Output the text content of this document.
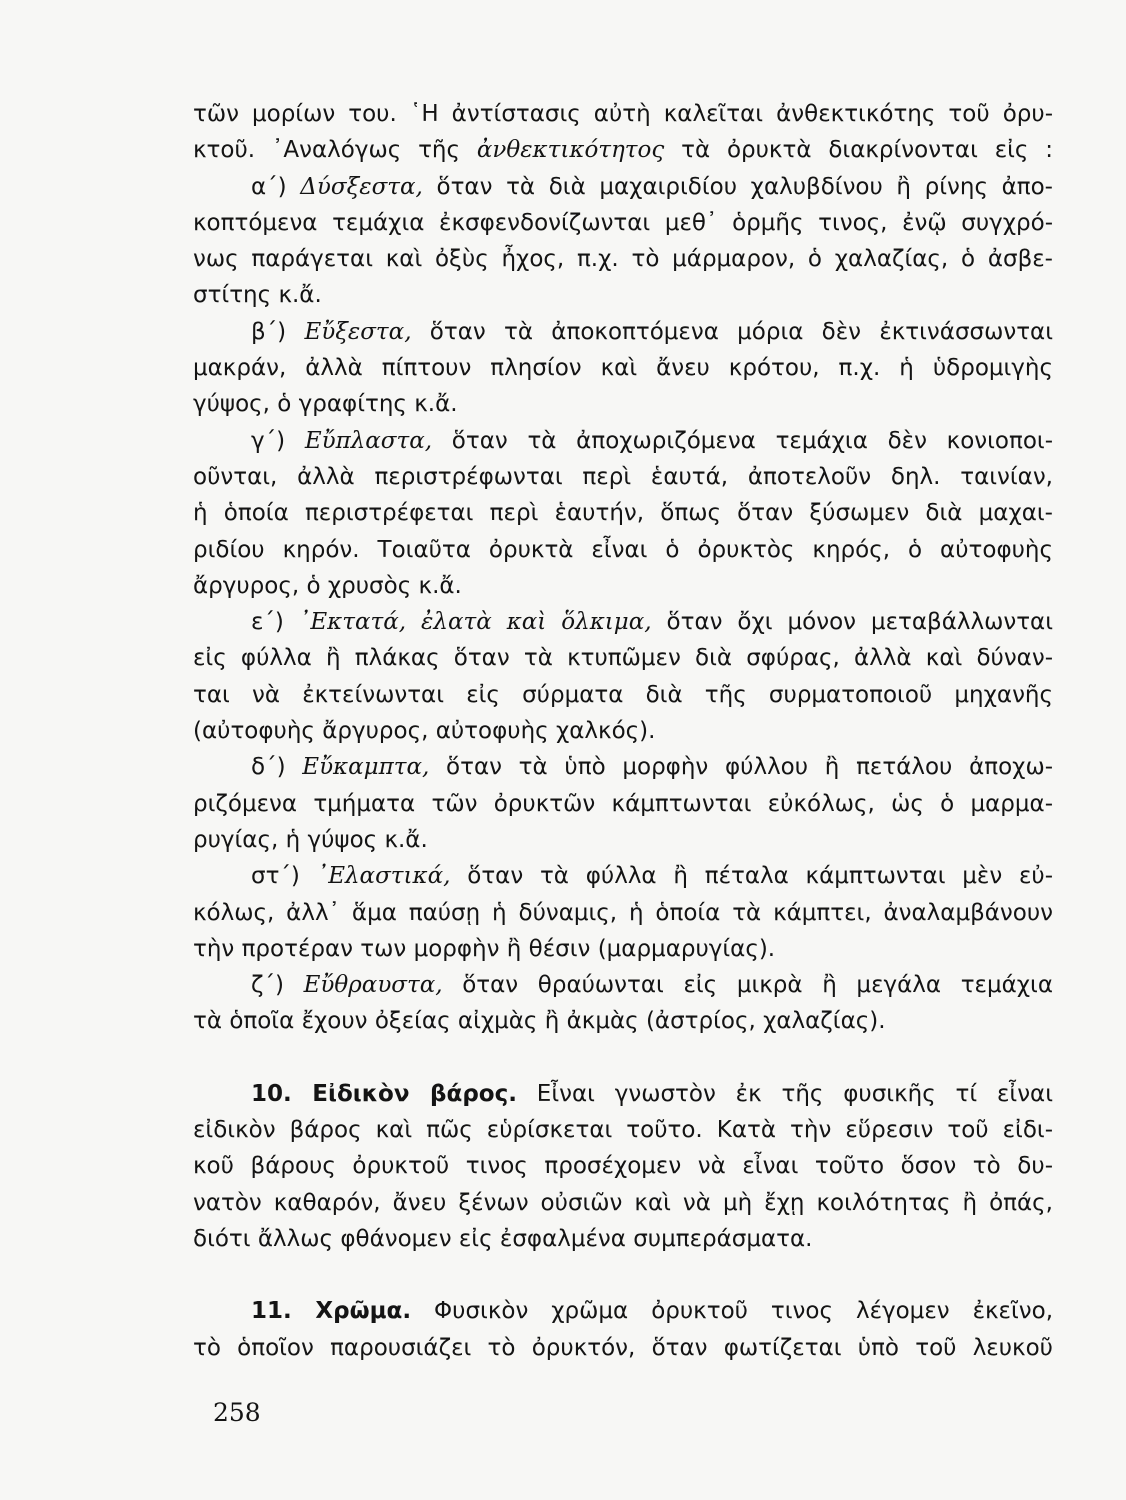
τῶν μορίων του. ῾Η ἀντίστασις αὐτὴ καλεῖται ἀνθεκτικότης τοῦ ὀρυ-
κτοῦ. ᾿Αναλόγως τῆς ἀνθεκτικότητος τὰ ὀρυκτὰ διακρίνονται εἰς :
α΄) Δύσξεστα, ὅταν τὰ διὰ μαχαιριδίου χαλυβδίνου ἢ ρίνης ἀπο-
κοπτόμενα τεμάχια ἐκσφενδονίζωνται μεθ᾿ ὁρμῆς τινος, ἐνῷ συγχρό-
νως παράγεται καὶ ὀξὺς ἦχος, π.χ. τὸ μάρμαρον, ὁ χαλαζίας, ὁ ἀσβε-
στίτης κ.ἄ.
β΄) Εὔξεστα, ὅταν τὰ ἀποκοπτόμενα μόρια δὲν ἐκτινάσσωνται
μακράν, ἀλλὰ πίπτουν πλησίον καὶ ἄνευ κρότου, π.χ. ἡ ὑδρομιγὴς
γύψος, ὁ γραφίτης κ.ἄ.
γ΄) Εὔπλαστα, ὅταν τὰ ἀποχωριζόμενα τεμάχια δὲν κονιοποι-
οῦνται, ἀλλὰ περιστρέφωνται περὶ ἑαυτά, ἀποτελοῦν δηλ. ταινίαν,
ἡ ὁποία περιστρέφεται περὶ ἑαυτήν, ὅπως ὅταν ξύσωμεν διὰ μαχαι-
ριδίου κηρόν. Τοιαῦτα ὀρυκτὰ εἶναι ὁ ὀρυκτὸς κηρός, ὁ αὐτοφυὴς
ἄργυρος, ὁ χρυσὸς κ.ἄ.
ε΄) ᾿Εκτατά, ἐλατὰ καὶ ὅλκιμα, ὅταν ὄχι μόνον μεταβάλλωνται
εἰς φύλλα ἢ πλάκας ὅταν τὰ κτυπῶμεν διὰ σφύρας, ἀλλὰ καὶ δύναν-
ται νὰ ἐκτείνωνται εἰς σύρματα διὰ τῆς συρματοποιοῦ μηχανῆς
(αὐτοφυὴς ἄργυρος, αὐτοφυὴς χαλκός).
δ΄) Εὔκαμπτα, ὅταν τὰ ὑπὸ μορφὴν φύλλου ἢ πετάλου ἀποχω-
ριζόμενα τμήματα τῶν ὀρυκτῶν κάμπτωνται εὐκόλως, ὡς ὁ μαρμα-
ρυγίας, ἡ γύψος κ.ἄ.
στ΄) ᾿Ελαστικά, ὅταν τὰ φύλλα ἢ πέταλα κάμπτωνται μὲν εὐ-
κόλως, ἀλλ᾿ ἅμα παύσῃ ἡ δύναμις, ἡ ὁποία τὰ κάμπτει, ἀναλαμβάνουν
τὴν προτέραν των μορφὴν ἢ θέσιν (μαρμαρυγίας).
ζ΄) Εὔθραυστα, ὅταν θραύωνται εἰς μικρὰ ἢ μεγάλα τεμάχια
τὰ ὁποῖα ἔχουν ὀξείας αἰχμὰς ἢ ἀκμὰς (ἀστρίος, χαλαζίας).
10. Εἰδικὸν βάρος. Εἶναι γνωστὸν ἐκ τῆς φυσικῆς τί εἶναι
εἰδικὸν βάρος καὶ πῶς εὑρίσκεται τοῦτο. Κατὰ τὴν εὕρεσιν τοῦ εἰδι-
κοῦ βάρους ὀρυκτοῦ τινος προσέχομεν νὰ εἶναι τοῦτο ὅσον τὸ δυ-
νατὸν καθαρόν, ἄνευ ξένων οὐσιῶν καὶ νὰ μὴ ἔχῃ κοιλότητας ἢ ὀπάς,
διότι ἄλλως φθάνομεν εἰς ἐσφαλμένα συμπεράσματα.
11. Χρῶμα. Φυσικὸν χρῶμα ὀρυκτοῦ τινος λέγομεν ἐκεῖνο,
τὸ ὁποῖον παρουσιάζει τὸ ὀρυκτόν, ὅταν φωτίζεται ὑπὸ τοῦ λευκοῦ
258
